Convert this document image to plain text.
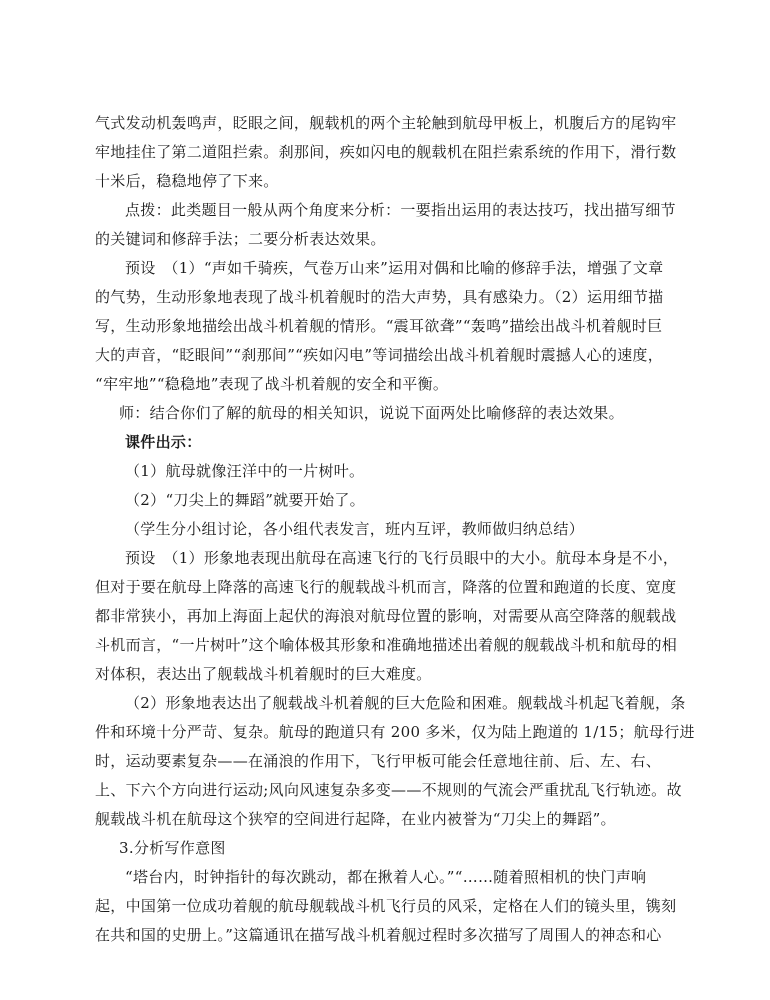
气式发动机轰鸣声，眨眼之间，舰载机的两个主轮触到航母甲板上，机腹后方的尾钩牢
牢地挂住了第二道阻拦索。刹那间，疾如闪电的舰载机在阻拦索系统的作用下，滑行数
十米后，稳稳地停了下来。
点拨：此类题目一般从两个角度来分析：一要指出运用的表达技巧，找出描写细节
的关键词和修辞手法；二要分析表达效果。
预设　（1）“声如千骑疾，气卷万山来”运用对偶和比喻的修辞手法，增强了文章
的气势，生动形象地表现了战斗机着舰时的浩大声势，具有感染力。（2）运用细节描
写，生动形象地描绘出战斗机着舰的情形。“震耳欲聋”“轰鸣”描绘出战斗机着舰时巨
大的声音，“眨眼间”“刹那间”“疾如闪电”等词描绘出战斗机着舰时震撼人心的速度，
“牢牢地”“稳稳地”表现了战斗机着舰的安全和平衡。
师：结合你们了解的航母的相关知识，说说下面两处比喻修辞的表达效果。
课件出示：
（1）航母就像汪洋中的一片树叶。
（2）“刀尖上的舞蹈”就要开始了。
（学生分小组讨论，各小组代表发言，班内互评，教师做归纳总结）
预设　（1）形象地表现出航母在高速飞行的飞行员眼中的大小。航母本身是不小，
但对于要在航母上降落的高速飞行的舰载战斗机而言，降落的位置和跑道的长度、宽度
都非常狭小，再加上海面上起伏的海浪对航母位置的影响，对需要从高空降落的舰载战
斗机而言，“一片树叶”这个喻体极其形象和准确地描述出着舰的舰载战斗机和航母的相
对体积，表达出了舰载战斗机着舰时的巨大难度。
（2）形象地表达出了舰载战斗机着舰的巨大危险和困难。舰载战斗机起飞着舰，条
件和环境十分严苛、复杂。航母的跑道只有 200 多米，仅为陆上跑道的 1/15；航母行进
时，运动要素复杂——在涌浪的作用下，飞行甲板可能会任意地往前、后、左、右、
上、下六个方向进行运动;风向风速复杂多变——不规则的气流会严重扰乱飞行轨迹。故
舰载战斗机在航母这个狭窄的空间进行起降，在业内被誉为“刀尖上的舞蹈”。
3.分析写作意图
“塔台内，时钟指针的每次跳动，都在揪着人心。”“……随着照相机的快门声响
起，中国第一位成功着舰的航母舰载战斗机飞行员的风采，定格在人们的镜头里，镌刻
在共和国的史册上。”这篇通讯在描写战斗机着舰过程时多次描写了周围人的神态和心
